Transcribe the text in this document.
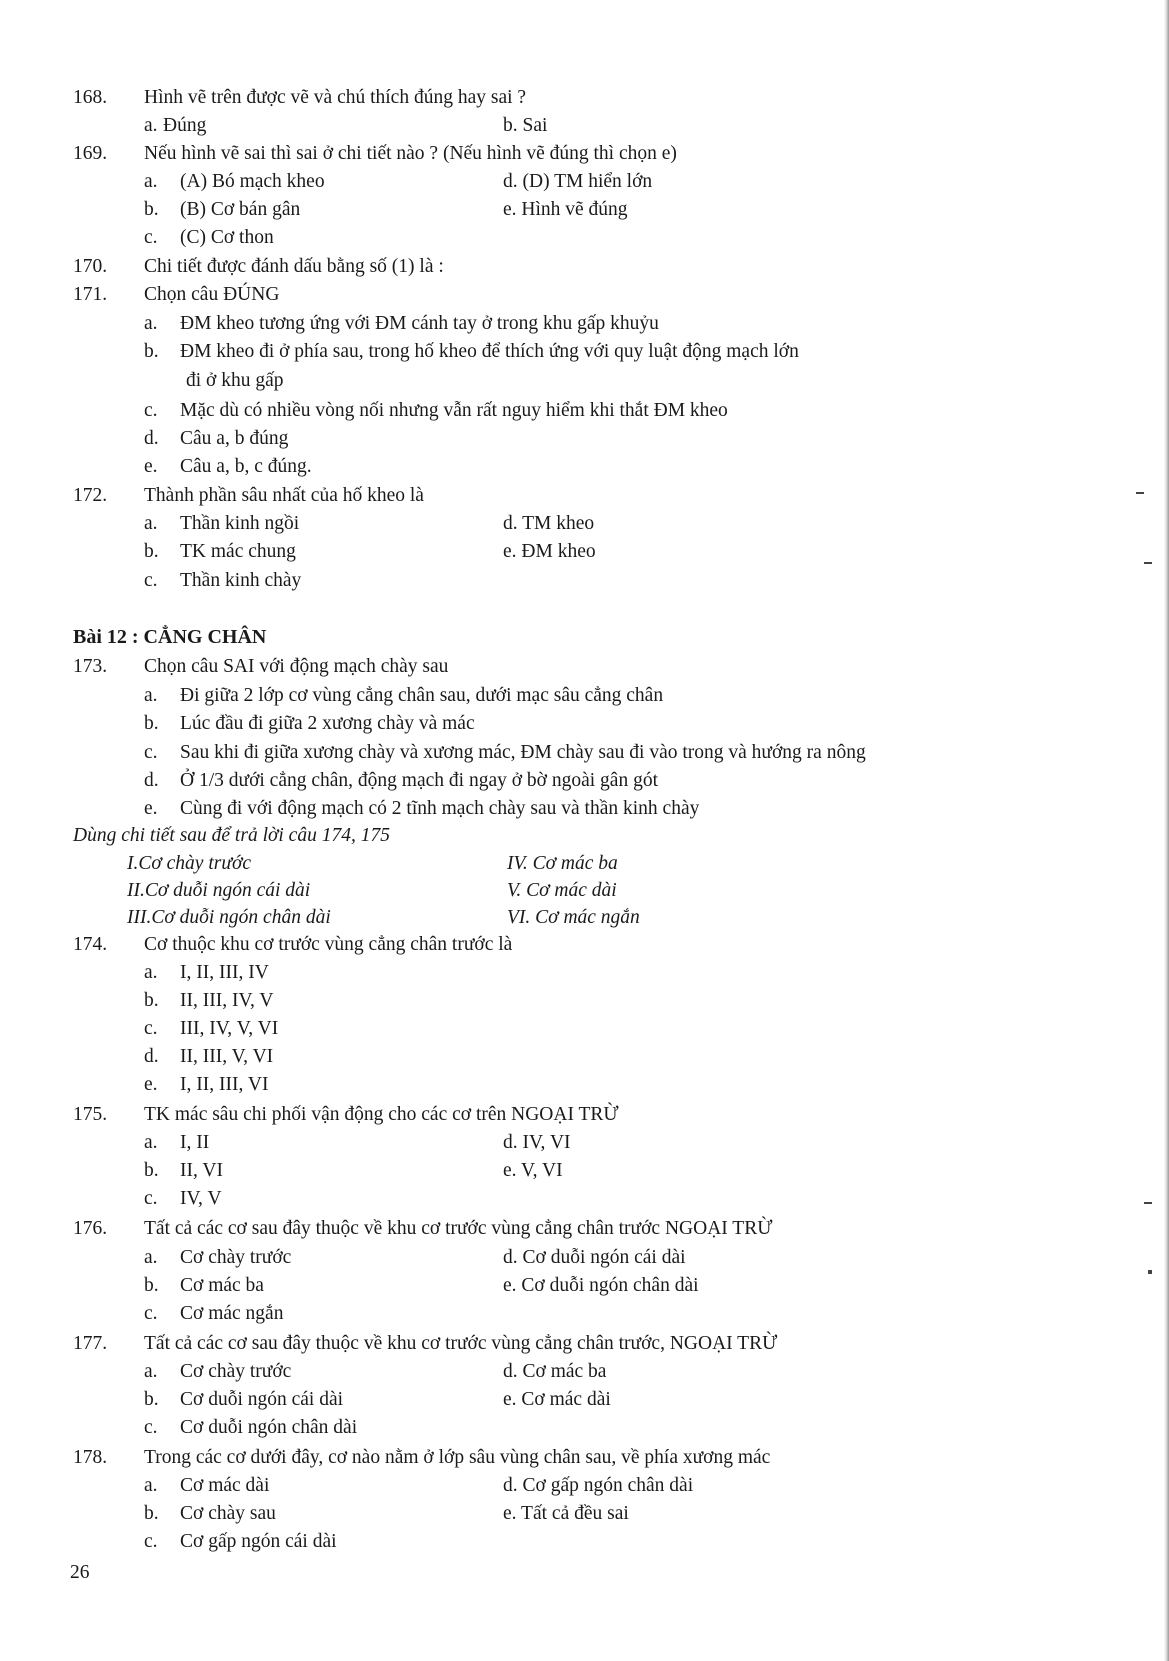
168. Hình vẽ trên được vẽ và chú thích đúng hay sai ?
a. Đúng	b. Sai
169. Nếu hình vẽ sai thì sai ở chi tiết nào ? (Nếu hình vẽ đúng thì chọn e)
a. (A) Bó mạch kheo	d. (D) TM hiển lớn
b. (B) Cơ bán gân	e. Hình vẽ đúng
c. (C) Cơ thon
170. Chi tiết được đánh dấu bằng số (1) là :
171. Chọn câu ĐÚNG
a. ĐM kheo tương ứng với ĐM cánh tay ở trong khu gấp khuỷu
b. ĐM kheo đi ở phía sau, trong hố kheo để thích ứng với quy luật động mạch lớn
đi ở khu gấp
c. Mặc dù có nhiều vòng nối nhưng vẫn rất nguy hiểm khi thắt ĐM kheo
d. Câu a, b đúng
e. Câu a, b, c đúng.
172. Thành phần sâu nhất của hố kheo là
a. Thần kinh ngồi	d. TM kheo
b. TK mác chung	e. ĐM kheo
c. Thần kinh chày
Bài 12 : CẲNG CHÂN
173. Chọn câu SAI với động mạch chày sau
a. Đi giữa 2 lớp cơ vùng cẳng chân sau, dưới mạc sâu cẳng chân
b. Lúc đầu đi giữa 2 xương chày và mác
c. Sau khi đi giữa xương chày và xương mác, ĐM chày sau đi vào trong và hướng ra nông
d. Ở 1/3 dưới cẳng chân, động mạch đi ngay ở bờ ngoài gân gót
e. Cùng đi với động mạch có 2 tĩnh mạch chày sau và thần kinh chày
Dùng chi tiết sau để trả lời câu 174, 175
I.Cơ chày trước	IV. Cơ mác ba
II.Cơ duỗi ngón cái dài	V. Cơ mác dài
III.Cơ duỗi ngón chân dài	VI. Cơ mác ngắn
174. Cơ thuộc khu cơ trước vùng cẳng chân trước là
a. I, II, III, IV
b. II, III, IV, V
c. III, IV, V, VI
d. II, III, V, VI
e. I, II, III, VI
175. TK mác sâu chi phối vận động cho các cơ trên NGOẠI TRỪ
a. I, II	d. IV, VI
b. II, VI	e. V, VI
c. IV, V
176. Tất cả các cơ sau đây thuộc về khu cơ trước vùng cẳng chân trước NGOẠI TRỪ
a. Cơ chày trước	d. Cơ duỗi ngón cái dài
b. Cơ mác ba	e. Cơ duỗi ngón chân dài
c. Cơ mác ngắn
177. Tất cả các cơ sau đây thuộc về khu cơ trước vùng cẳng chân trước, NGOẠI TRỪ
a. Cơ chày trước	d. Cơ mác ba
b. Cơ duỗi ngón cái dài	e. Cơ mác dài
c. Cơ duỗi ngón chân dài
178. Trong các cơ dưới đây, cơ nào nằm ở lớp sâu vùng chân sau, về phía xương mác
a. Cơ mác dài	d. Cơ gấp ngón chân dài
b. Cơ chày sau	e. Tất cả đều sai
c. Cơ gấp ngón cái dài
26
